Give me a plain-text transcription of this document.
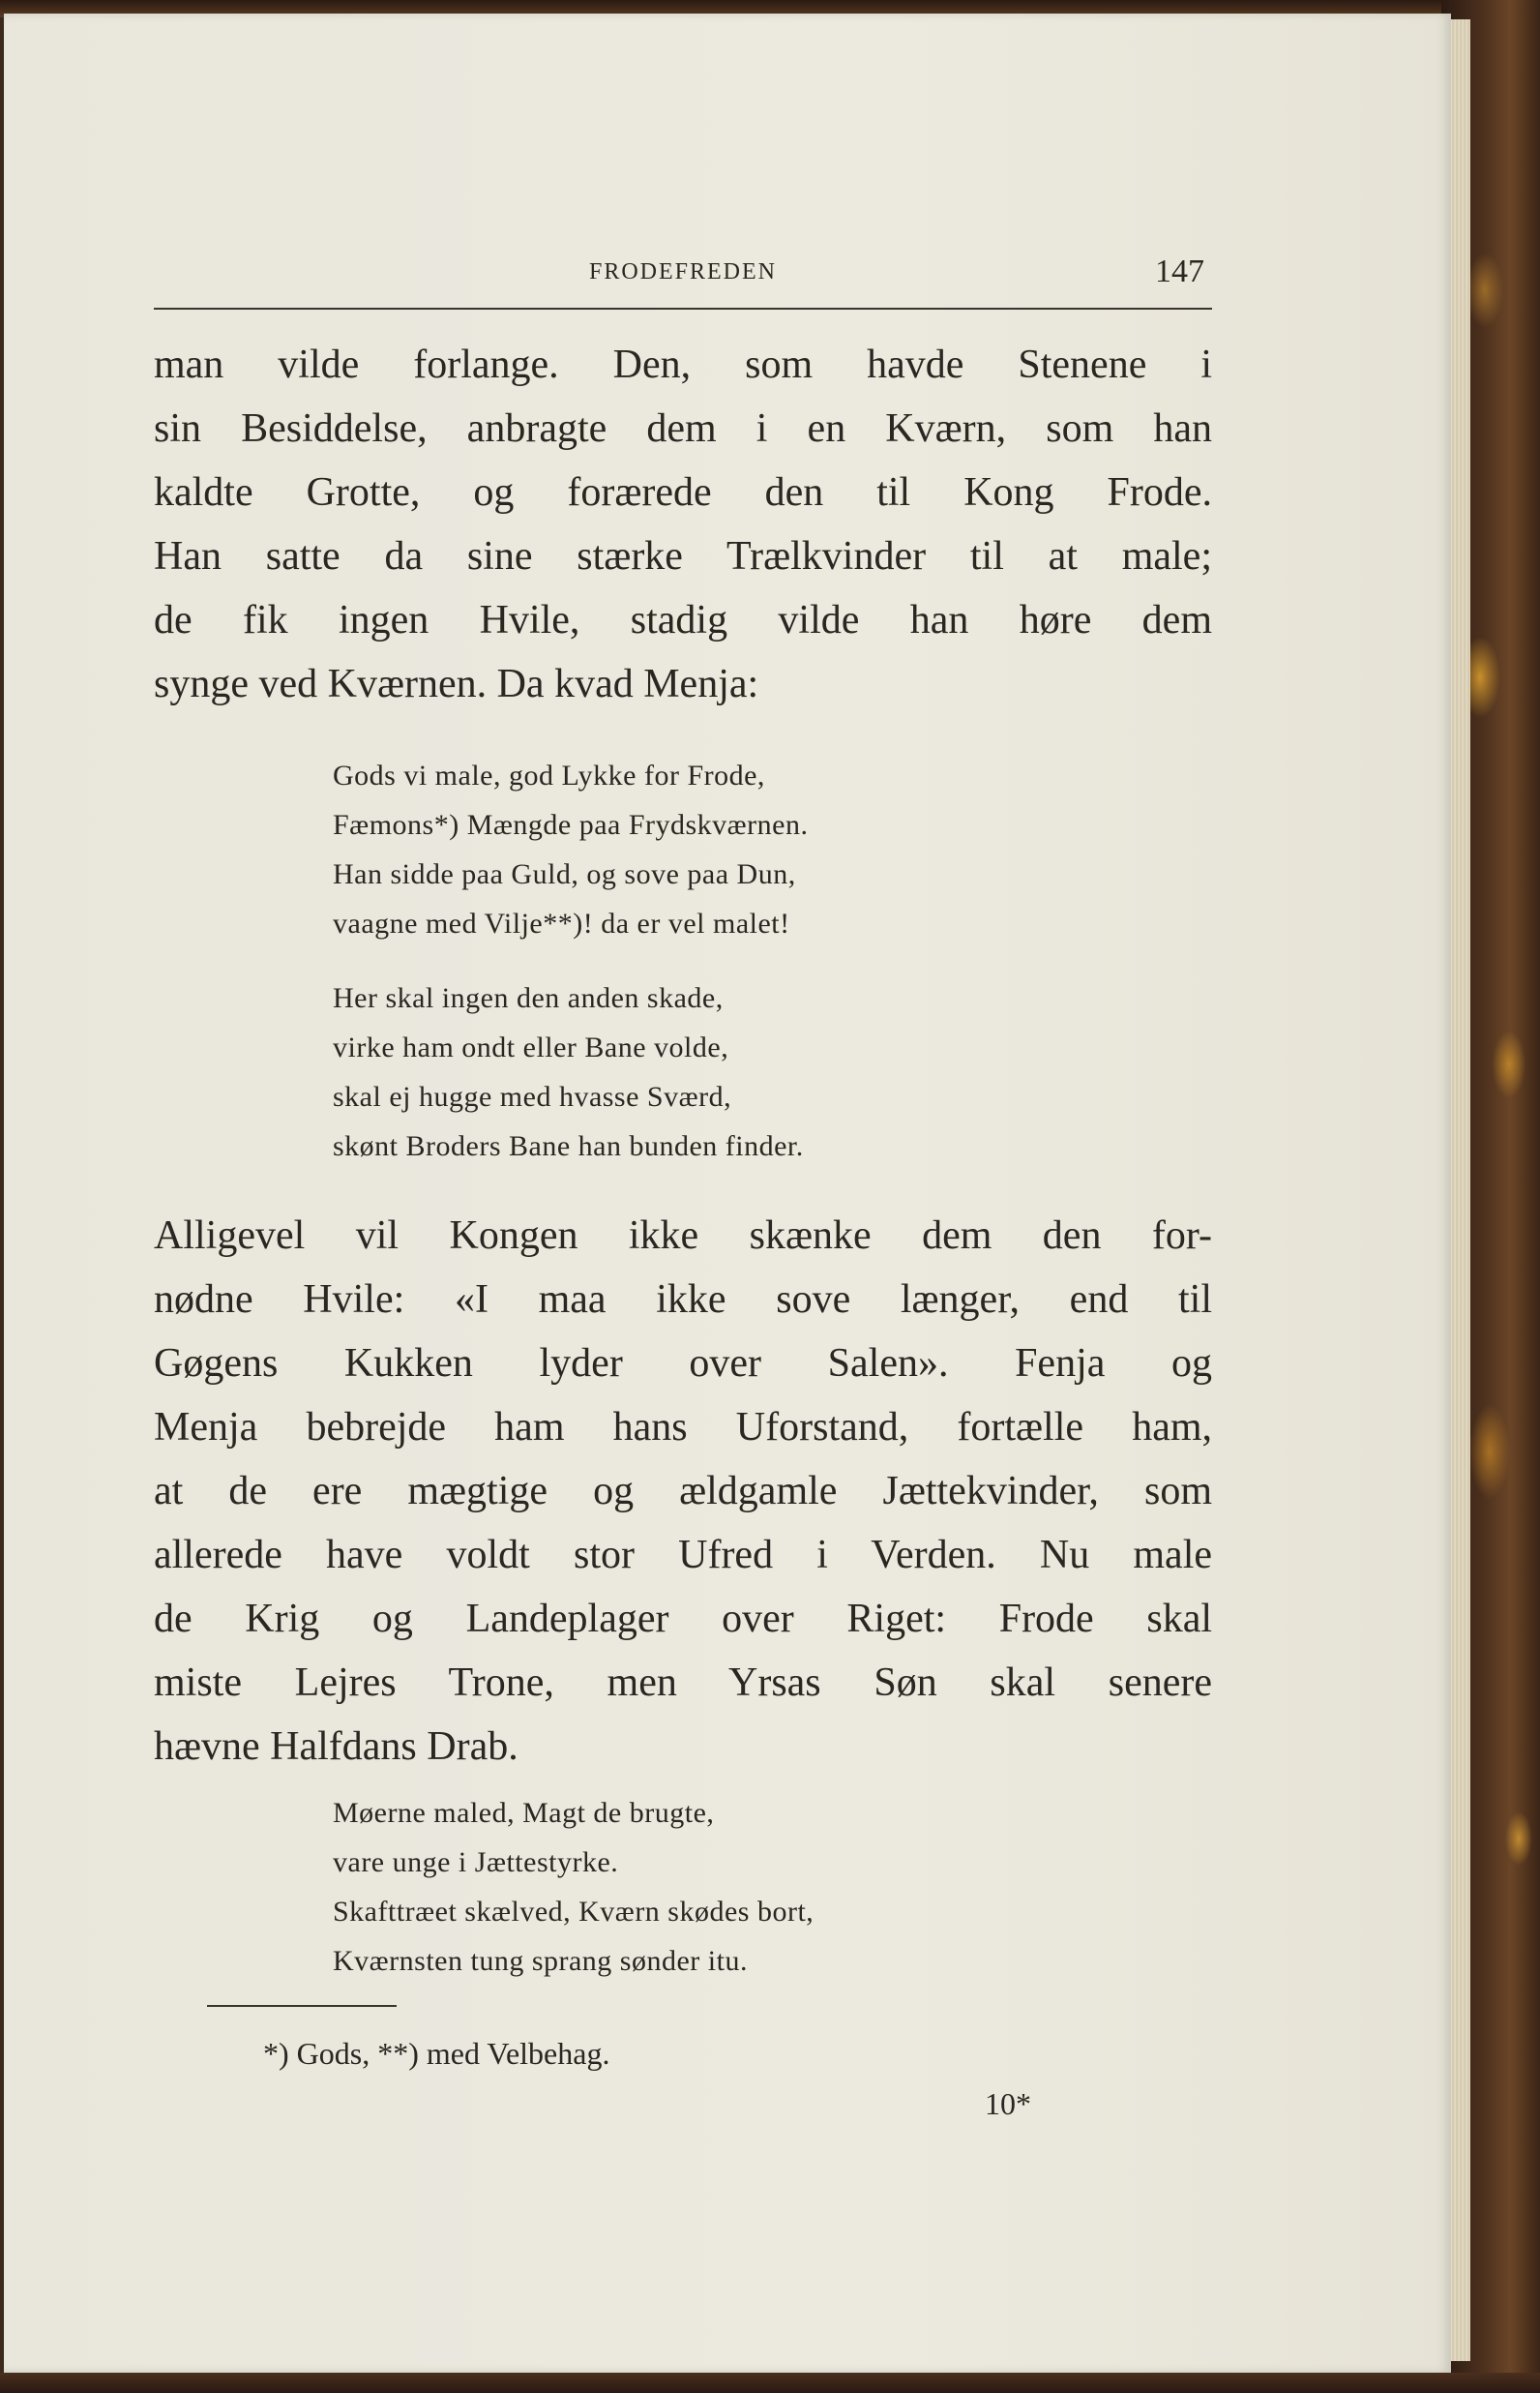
FRODEFREDEN	147
man vilde forlange. Den, som havde Stenene i
sin Besiddelse, anbragte dem i en Kværn, som han
kaldte Grotte, og forærede den til Kong Frode.
Han satte da sine stærke Trælkvinder til at male;
de fik ingen Hvile, stadig vilde han høre dem
synge ved Kværnen. Da kvad Menja:
Gods vi male, god Lykke for Frode,
Fæmons*) Mængde paa Frydskværnen.
Han sidde paa Guld, og sove paa Dun,
vaagne med Vilje**)! da er vel malet!
Her skal ingen den anden skade,
virke ham ondt eller Bane volde,
skal ej hugge med hvasse Sværd,
skønt Broders Bane han bunden finder.
Alligevel vil Kongen ikke skænke dem den for-
nødne Hvile: «I maa ikke sove længer, end til
Gøgens Kukken lyder over Salen». Fenja og
Menja bebrejde ham hans Uforstand, fortælle ham,
at de ere mægtige og ældgamle Jættekvinder, som
allerede have voldt stor Ufred i Verden. Nu male
de Krig og Landeplager over Riget: Frode skal
miste Lejres Trone, men Yrsas Søn skal senere
hævne Halfdans Drab.
Møerne maled, Magt de brugte,
vare unge i Jættestyrke.
Skafttræet skælved, Kværn skødes bort,
Kværnsten tung sprang sønder itu.
*) Gods, **) med Velbehag.
10*
